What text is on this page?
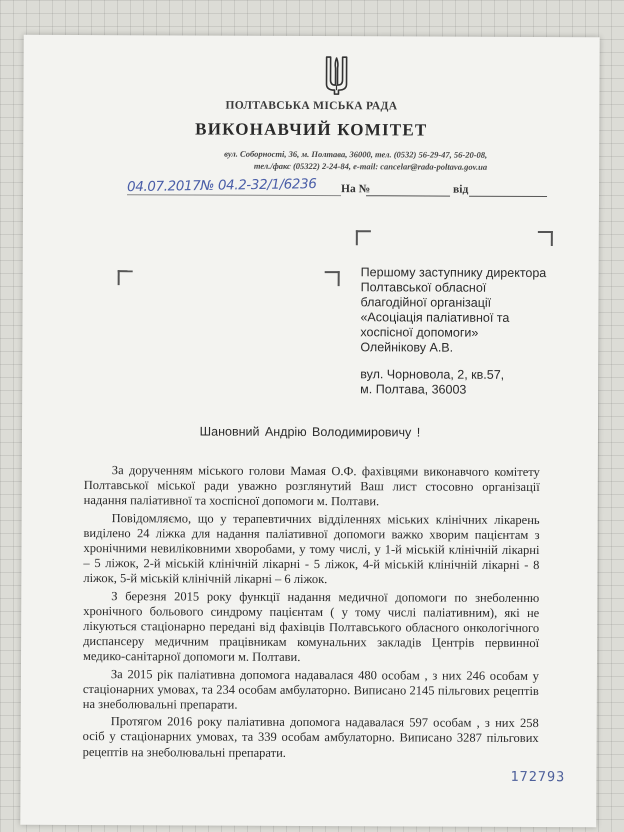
ПОЛТАВСЬКА МІСЬКА РАДА
ВИКОНАВЧИЙ КОМІТЕТ
вул. Соборності, 36, м. Полтава, 36000, тел. (0532) 56-29-47, 56-20-08,
тел./факс (05322) 2-24-84, e-mail: cancelar@rada-poltava.gov.ua
04.07.2017№ 04.2-32/1/6236 На №	від
Першому заступнику директора
Полтавської обласної
благодійної організації
«Асоціація паліативної та
хоспісної допомоги»
Олейнікову А.В.
вул. Чорновола, 2, кв.57,
м. Полтава, 36003
Шановний Андрію Володимировичу !

За дорученням міського голови Мамая О.Ф. фахівцями виконавчого комітету Полтавської міської ради уважно розглянутий Ваш лист стосовно організації надання паліативної та хоспісної допомоги м. Полтави.

Повідомляємо, що у терапевтичних відділеннях міських клінічних лікарень виділено 24 ліжка для надання паліативної допомоги важко хворим пацієнтам з хронічними невиліковними хворобами, у тому числі, у 1-й міській клінічній лікарні – 5 ліжок, 2-й міській клінічній лікарні - 5 ліжок, 4-й міській клінічній лікарні - 8 ліжок, 5-й міській клінічній лікарні – 6 ліжок.

З березня 2015 року функції надання медичної допомоги по знеболенню хронічного больового синдрому пацієнтам ( у тому числі паліативним), які не лікуються стаціонарно передані від фахівців Полтавського обласного онкологічного диспансеру медичним працівникам комунальних закладів Центрів первинної медико-санітарної допомоги м. Полтави.

За 2015 рік паліативна допомога надавалася 480 особам , з них 246 особам у стаціонарних умовах, та 234 особам амбулаторно. Виписано 2145 пільгових рецептів на знеболювальні препарати.

Протягом 2016 року паліативна допомога надавалася 597 особам , з них 258 осіб у стаціонарних умовах, та 339 особам амбулаторно. Виписано 3287 пільгових рецептів на знеболювальні препарати.

172793
